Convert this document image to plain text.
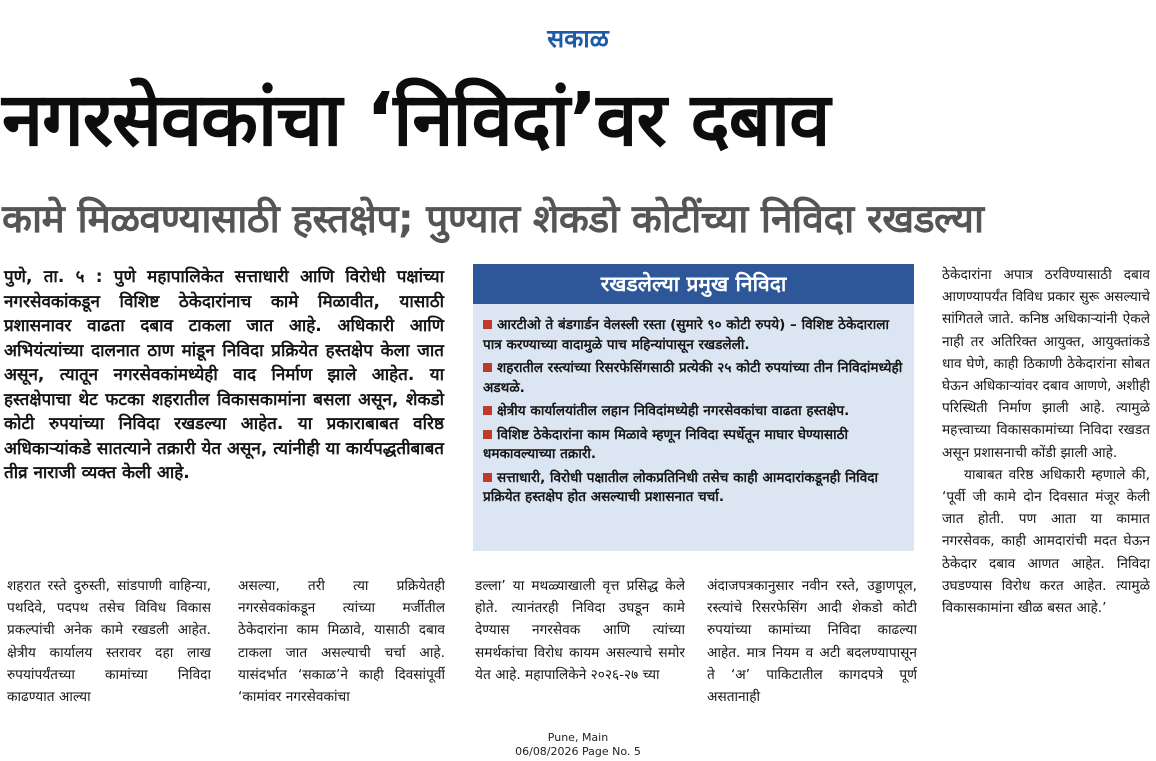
सकाळ
नगरसेवकांचा ‘निविदां’वर दबाव
कामे मिळवण्यासाठी हस्तक्षेप; पुण्यात शेकडो कोटींच्या निविदा रखडल्या

पुणे, ता. ५ : पुणे महापालिकेत सत्ताधारी आणि विरोधी पक्षांच्या नगरसेवकांकडून विशिष्ट ठेकेदारांनाच कामे मिळावीत, यासाठी प्रशासनावर वाढता दबाव टाकला जात आहे. अधिकारी आणि अभियंत्यांच्या दालनात ठाण मांडून निविदा प्रक्रियेत हस्तक्षेप केला जात असून, त्यातून नगरसेवकांमध्येही वाद निर्माण झाले आहेत. या हस्तक्षेपाचा थेट फटका शहरातील विकासकामांना बसला असून, शेकडो कोटी रुपयांच्या निविदा रखडल्या आहेत. या प्रकाराबाबत वरिष्ठ अधिकाऱ्यांकडे सातत्याने तक्रारी येत असून, त्यांनीही या कार्यपद्धतीबाबत तीव्र नाराजी व्यक्त केली आहे.

रखडलेल्या प्रमुख निविदा
आरटीओ ते बंडगार्डन वेलस्ली रस्ता (सुमारे ९० कोटी रुपये) – विशिष्ट ठेकेदाराला पात्र करण्याच्या वादामुळे पाच महिन्यांपासून रखडलेली.
शहरातील रस्त्यांच्या रिसरफेसिंगसाठी प्रत्येकी २५ कोटी रुपयांच्या तीन निविदांमध्येही अडथळे.
क्षेत्रीय कार्यालयांतील लहान निविदांमध्येही नगरसेवकांचा वाढता हस्तक्षेप.
विशिष्ट ठेकेदारांना काम मिळावे म्हणून निविदा स्पर्धेतून माघार घेण्यासाठी धमकावल्याच्या तक्रारी.
सत्ताधारी, विरोधी पक्षातील लोकप्रतिनिधी तसेच काही आमदारांकडूनही निविदा प्रक्रियेत हस्तक्षेप होत असल्याची प्रशासनात चर्चा.

शहरात रस्ते दुरुस्ती, सांडपाणी वाहिन्या, पथदिवे, पदपथ तसेच विविध विकास प्रकल्पांची अनेक कामे रखडली आहेत. क्षेत्रीय कार्यालय स्तरावर दहा लाख रुपयांपर्यंतच्या कामांच्या निविदा काढण्यात आल्या

असल्या, तरी त्या प्रक्रियेतही नगरसेवकांकडून त्यांच्या मर्जीतील ठेकेदारांना काम मिळावे, यासाठी दबाव टाकला जात असल्याची चर्चा आहे. यासंदर्भात ‘सकाळ’ने काही दिवसांपूर्वी ‘कामांवर नगरसेवकांचा

डल्ला’ या मथळ्याखाली वृत्त प्रसिद्ध केले होते. त्यानंतरही निविदा उघडून कामे देण्यास नगरसेवक आणि त्यांच्या समर्थकांचा विरोध कायम असल्याचे समोर येत आहे. महापालिकेने २०२६-२७ च्या

अंदाजपत्रकानुसार नवीन रस्ते, उड्डाणपूल, रस्त्यांचे रिसरफेसिंग आदी शेकडो कोटी रुपयांच्या कामांच्या निविदा काढल्या आहेत. मात्र नियम व अटी बदलण्यापासून ते ‘अ’ पाकिटातील कागदपत्रे पूर्ण असतानाही

ठेकेदारांना अपात्र ठरविण्यासाठी दबाव आणण्यापर्यंत विविध प्रकार सुरू असल्याचे सांगितले जाते. कनिष्ठ अधिकाऱ्यांनी ऐकले नाही तर अतिरिक्त आयुक्त, आयुक्तांकडे धाव घेणे, काही ठिकाणी ठेकेदारांना सोबत घेऊन अधिकाऱ्यांवर दबाव आणणे, अशीही परिस्थिती निर्माण झाली आहे. त्यामुळे महत्त्वाच्या विकासकामांच्या निविदा रखडत असून प्रशासनाची कोंडी झाली आहे.

याबाबत वरिष्ठ अधिकारी म्हणाले की, ‘पूर्वी जी कामे दोन दिवसात मंजूर केली जात होती. पण आता या कामात नगरसेवक, काही आमदारांची मदत घेऊन ठेकेदार दबाव आणत आहेत. निविदा उघडण्यास विरोध करत आहेत. त्यामुळे विकासकामांना खीळ बसत आहे.’

Pune, Main
06/08/2026 Page No. 5
